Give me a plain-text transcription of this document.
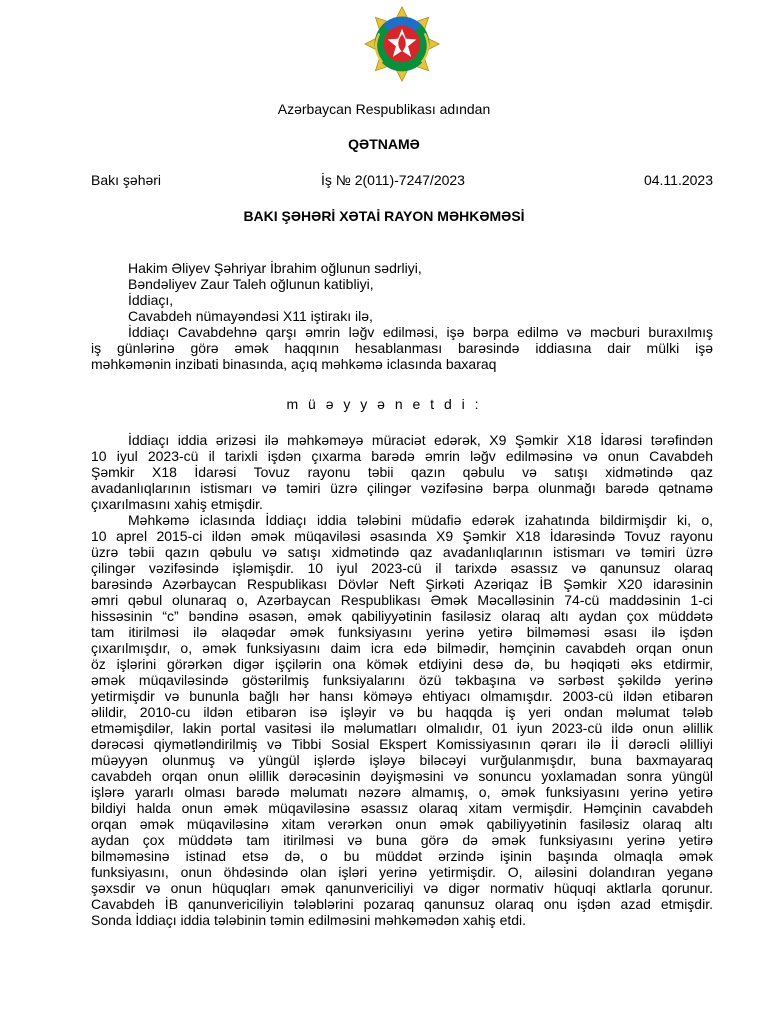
Azərbaycan Respublikası adından
QƏTNAMƏ
Bakı şəhəri	İş № 2(011)-7247/2023	04.11.2023
BAKI ŞƏHƏRİ XƏTAİ RAYON MƏHKƏMƏSİ
Hakim Əliyev Şəhriyar İbrahim oğlunun sədrliyi,
Bəndəliyev Zaur Taleh oğlunun katibliyi,
İddiaçı,
Cavabdeh nümayəndəsi X11 iştirakı ilə,
İddiaçı Cavabdehnə qarşı əmrin ləğv edilməsi, işə bərpa edilmə və məcburi buraxılmış
iş günlərinə görə əmək haqqının hesablanması barəsində iddiasına dair mülki işə
məhkəmənin inzibati binasında, açıq məhkəmə iclasında baxaraq
m ü ə y y ə n e t d i :
İddiaçı iddia ərizəsi ilə məhkəməyə müraciət edərək, X9 Şəmkir X18 İdarəsi tərəfindən
10 iyul 2023-cü il tarixli işdən çıxarma barədə əmrin ləğv edilməsinə və onun Cavabdeh
Şəmkir X18 İdarəsi Tovuz rayonu təbii qazın qəbulu və satışı xidmətində qaz
avadanlıqlarının istismarı və təmiri üzrə çilingər vəzifəsinə bərpa olunmağı barədə qətnamə
çıxarılmasını xahiş etmişdir.
Məhkəmə iclasında İddiaçı iddia tələbini müdafiə edərək izahatında bildirmişdir ki, o,
10 aprel 2015-ci ildən əmək müqaviləsi əsasında X9 Şəmkir X18 İdarəsində Tovuz rayonu
üzrə təbii qazın qəbulu və satışı xidmətində qaz avadanlıqlarının istismarı və təmiri üzrə
çilingər vəzifəsində işləmişdir. 10 iyul 2023-cü il tarixdə əsassız və qanunsuz olaraq
barəsində Azərbaycan Respublikası Dövlər Neft Şirkəti Azəriqaz İB Şəmkir X20 idarəsinin
əmri qəbul olunaraq o, Azərbaycan Respublikası Əmək Məcəlləsinin 74-cü maddəsinin 1-ci
hissəsinin “c” bəndinə əsasən, əmək qabiliyyətinin fasiləsiz olaraq altı aydan çox müddətə
tam itirilməsi ilə əlaqədar əmək funksiyasını yerinə yetirə bilməməsi əsası ilə işdən
çıxarılmışdır, o, əmək funksiyasını daim icra edə bilmədir, həmçinin cavabdeh orqan onun
öz işlərini görərkən digər işçilərin ona kömək etdiyini desə də, bu həqiqəti əks etdirmir,
əmək müqaviləsində göstərilmiş funksiyalarını özü təkbaşına və sərbəst şəkildə yerinə
yetirmişdir və bununla bağlı hər hansı köməyə ehtiyacı olmamışdır. 2003-cü ildən etibarən
əlildir, 2010-cu ildən etibarən isə işləyir və bu haqqda iş yeri ondan məlumat tələb
etməmişdilər, lakin portal vasitəsi ilə məlumatları olmalıdır, 01 iyun 2023-cü ildə onun əlillik
dərəcəsi qiymətləndirilmiş və Tibbi Sosial Ekspert Komissiyasının qərarı ilə İİ dərəcli əlilliyi
müəyyən olunmuş və yüngül işlərdə işləyə biləcəyi vurğulanmışdır, buna baxmayaraq
cavabdeh orqan onun əlillik dərəcəsinin dəyişməsini və sonuncu yoxlamadan sonra yüngül
işlərə yararlı olması barədə məlumatı nəzərə almamış, o, əmək funksiyasını yerinə yetirə
bildiyi halda onun əmək müqaviləsinə əsassız olaraq xitam vermişdir. Həmçinin cavabdeh
orqan əmək müqaviləsinə xitam verərkən onun əmək qabiliyyətinin fasiləsiz olaraq altı
aydan çox müddətə tam itirilməsi və buna görə də əmək funksiyasını yerinə yetirə
bilməməsinə istinad etsə də, o bu müddət ərzində işinin başında olmaqla əmək
funksiyasını, onun öhdəsində olan işləri yerinə yetirmişdir. O, ailəsini dolandıran yeganə
şəxsdir və onun hüquqları əmək qanunvericiliyi və digər normativ hüquqi aktlarla qorunur.
Cavabdeh İB qanunvericiliyin tələblərini pozaraq qanunsuz olaraq onu işdən azad etmişdir.
Sonda İddiaçı iddia tələbinin təmin edilməsini məhkəmədən xahiş etdi.
